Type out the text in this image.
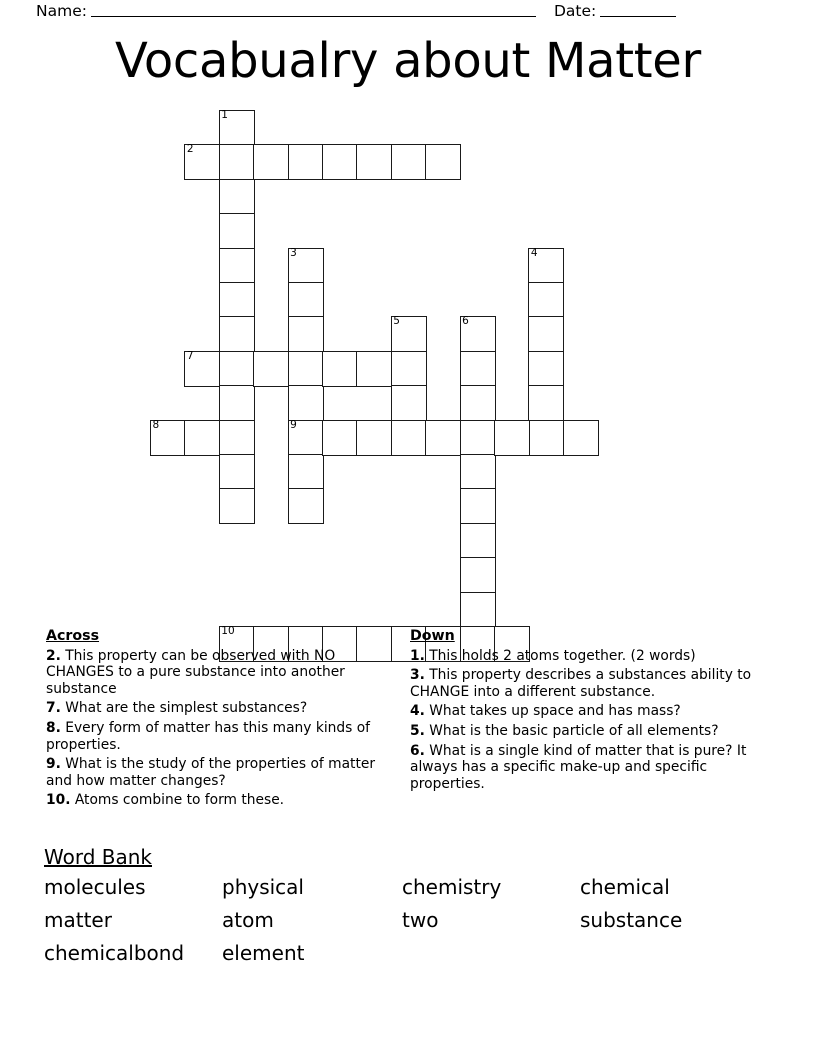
Name:	Date:
Vocabualry about Matter
1
2
3
9
4
5	6
7
8
10
Across
2. This property can be observed with NO CHANGES to a pure substance into another substance
7. What are the simplest substances?
8. Every form of matter has this many kinds of properties.
9. What is the study of the properties of matter and how matter changes?
10. Atoms combine to form these.
Down
1. This holds 2 atoms together. (2 words)
3. This property describes a substances ability to CHANGE into a different substance.
4. What takes up space and has mass?
5. What is the basic particle of all elements?
6. What is a single kind of matter that is pure? It always has a specific make-up and specific properties.
Word Bank
molecules	physical	chemistry	chemical
matter	atom	two	substance
chemicalbond	element
